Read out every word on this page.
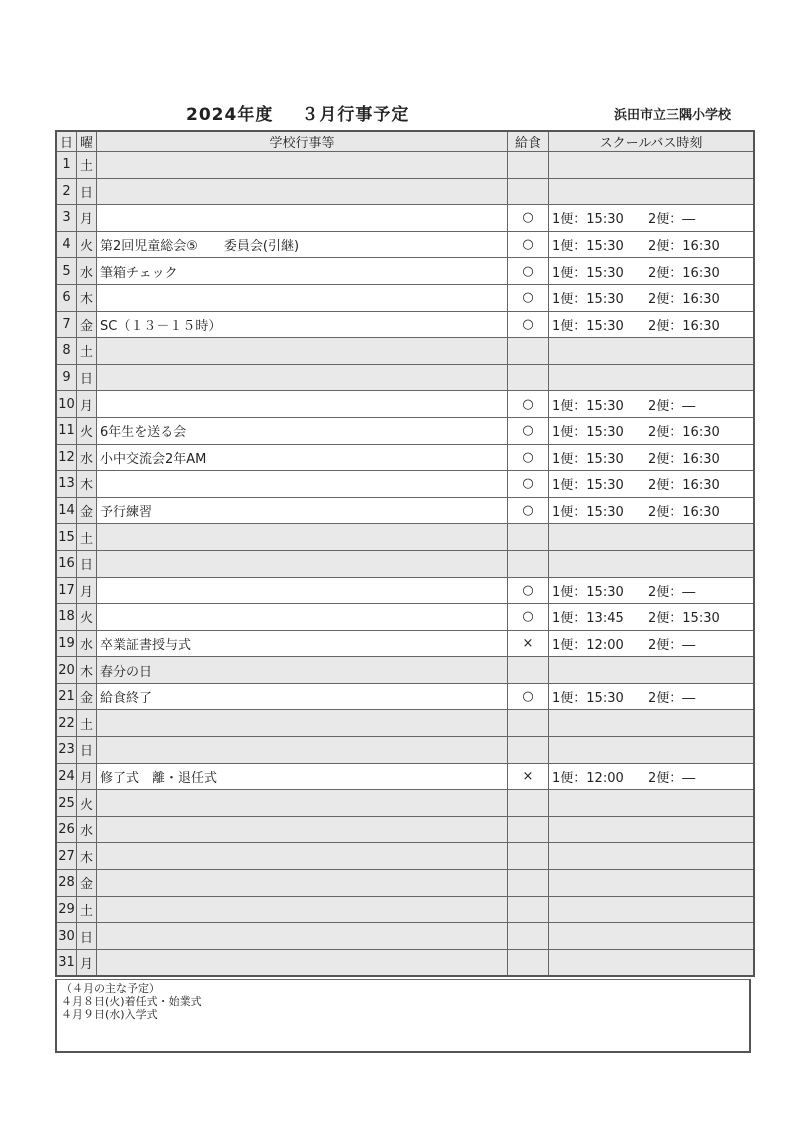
2024年度 ３月行事予定	浜田市立三隅小学校
日	曜	学校行事等	給食	スクールバス時刻
1	土			

2	日			

3	月		○	1便：15:30 2便：―

4	火	第2回児童総会⑤　　委員会(引継)	○	1便：15:30 2便：16:30

5	水	筆箱チェック	○	1便：15:30 2便：16:30

6	木		○	1便：15:30 2便：16:30

7	金	SC（１３－１５時）	○	1便：15:30 2便：16:30

8	土			

9	日			

10	月		○	1便：15:30 2便：―

11	火	6年生を送る会	○	1便：15:30 2便：16:30

12	水	小中交流会2年AM	○	1便：15:30 2便：16:30

13	木		○	1便：15:30 2便：16:30

14	金	予行練習	○	1便：15:30 2便：16:30

15	土			

16	日			

17	月		○	1便：15:30 2便：―

18	火		○	1便：13:45 2便：15:30

19	水	卒業証書授与式	×	1便：12:00 2便：―

20	木	春分の日		

21	金	給食終了	○	1便：15:30 2便：―

22	土			

23	日			

24	月	修了式　離・退任式	×	1便：12:00 2便：―

25	火			

26	水			

27	木			

28	金			

29	土			

30	日			

31	月			
（４月の主な予定）
４月８日(火)着任式・始業式
４月９日(水)入学式
